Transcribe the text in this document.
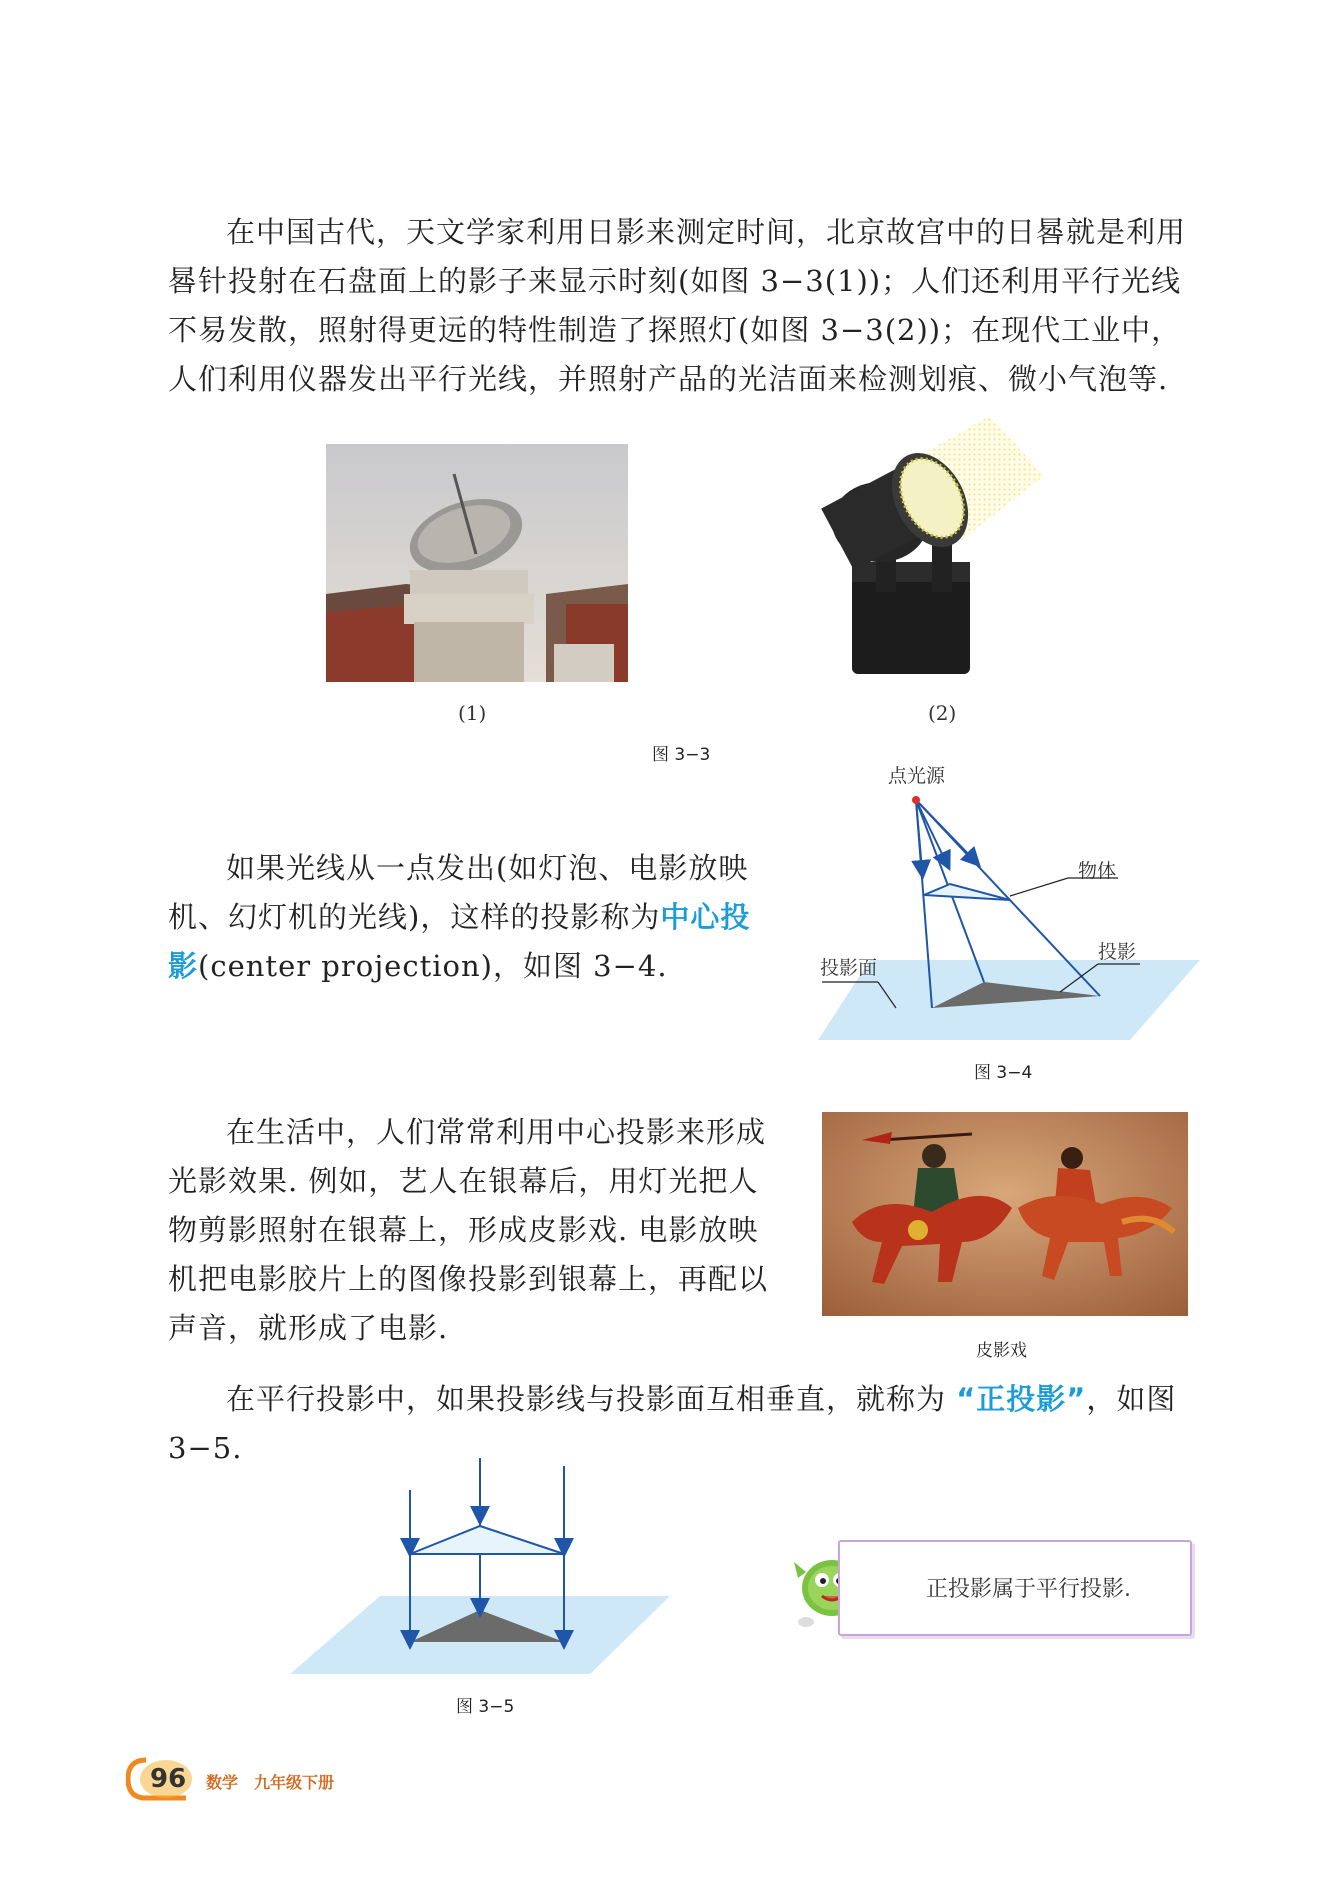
在中国古代，天文学家利用日影来测定时间，北京故宫中的日晷就是利用晷针投射在石盘面上的影子来显示时刻(如图 3−3(1))；人们还利用平行光线不易发散，照射得更远的特性制造了探照灯(如图 3−3(2))；在现代工业中，人们利用仪器发出平行光线，并照射产品的光洁面来检测划痕、微小气泡等.

(1)	(2)
图 3−3

如果光线从一点发出(如灯泡、电影放映机、幻灯机的光线)，这样的投影称为中心投影(center projection)，如图 3−4.

点光源
物体
投影
投影面
图 3−4

在生活中，人们常常利用中心投影来形成光影效果. 例如，艺人在银幕后，用灯光把人物剪影照射在银幕上，形成皮影戏. 电影放映机把电影胶片上的图像投影到银幕上，再配以声音，就形成了电影.

皮影戏

在平行投影中，如果投影线与投影面互相垂直，就称为 “正投影”，如图 3−5.

图 3−5
正投影属于平行投影.
96 数学　九年级下册
